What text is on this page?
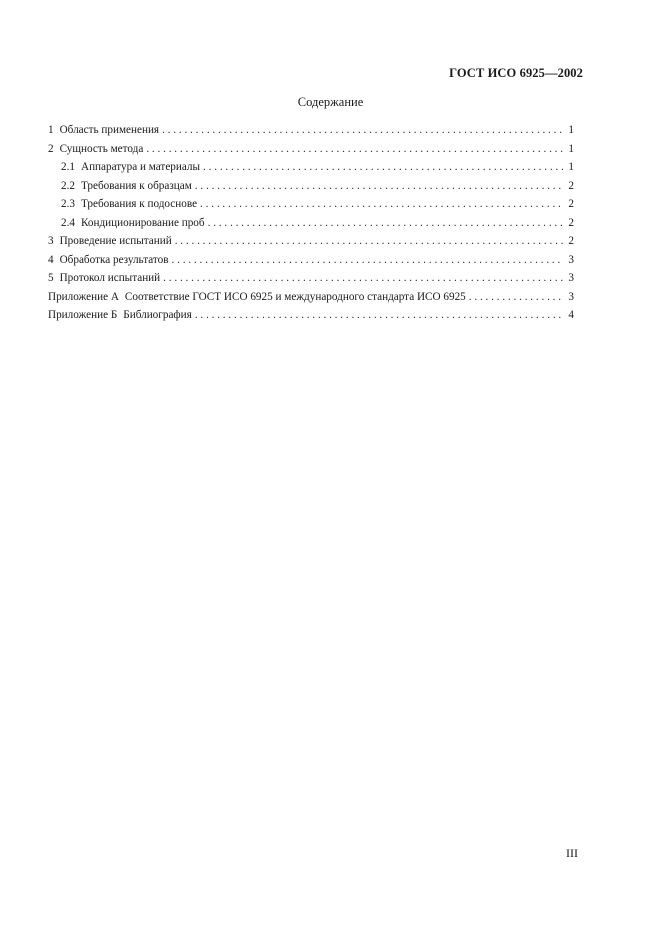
ГОСТ ИСО 6925—2002
Содержание
1 Область применения . . .	1
2 Сущность метода . . .	1
2.1 Аппаратура и материалы . . .	1
2.2 Требования к образцам . . .	2
2.3 Требования к подоснове . . .	2
2.4 Кондиционирование проб . . .	2
3 Проведение испытаний . . .	2
4 Обработка результатов . . .	3
5 Протокол испытаний . . .	3
Приложение А Соответствие ГОСТ ИСО 6925 и международного стандарта ИСО 6925 . . .	3
Приложение Б Библиография . . .	4
III
